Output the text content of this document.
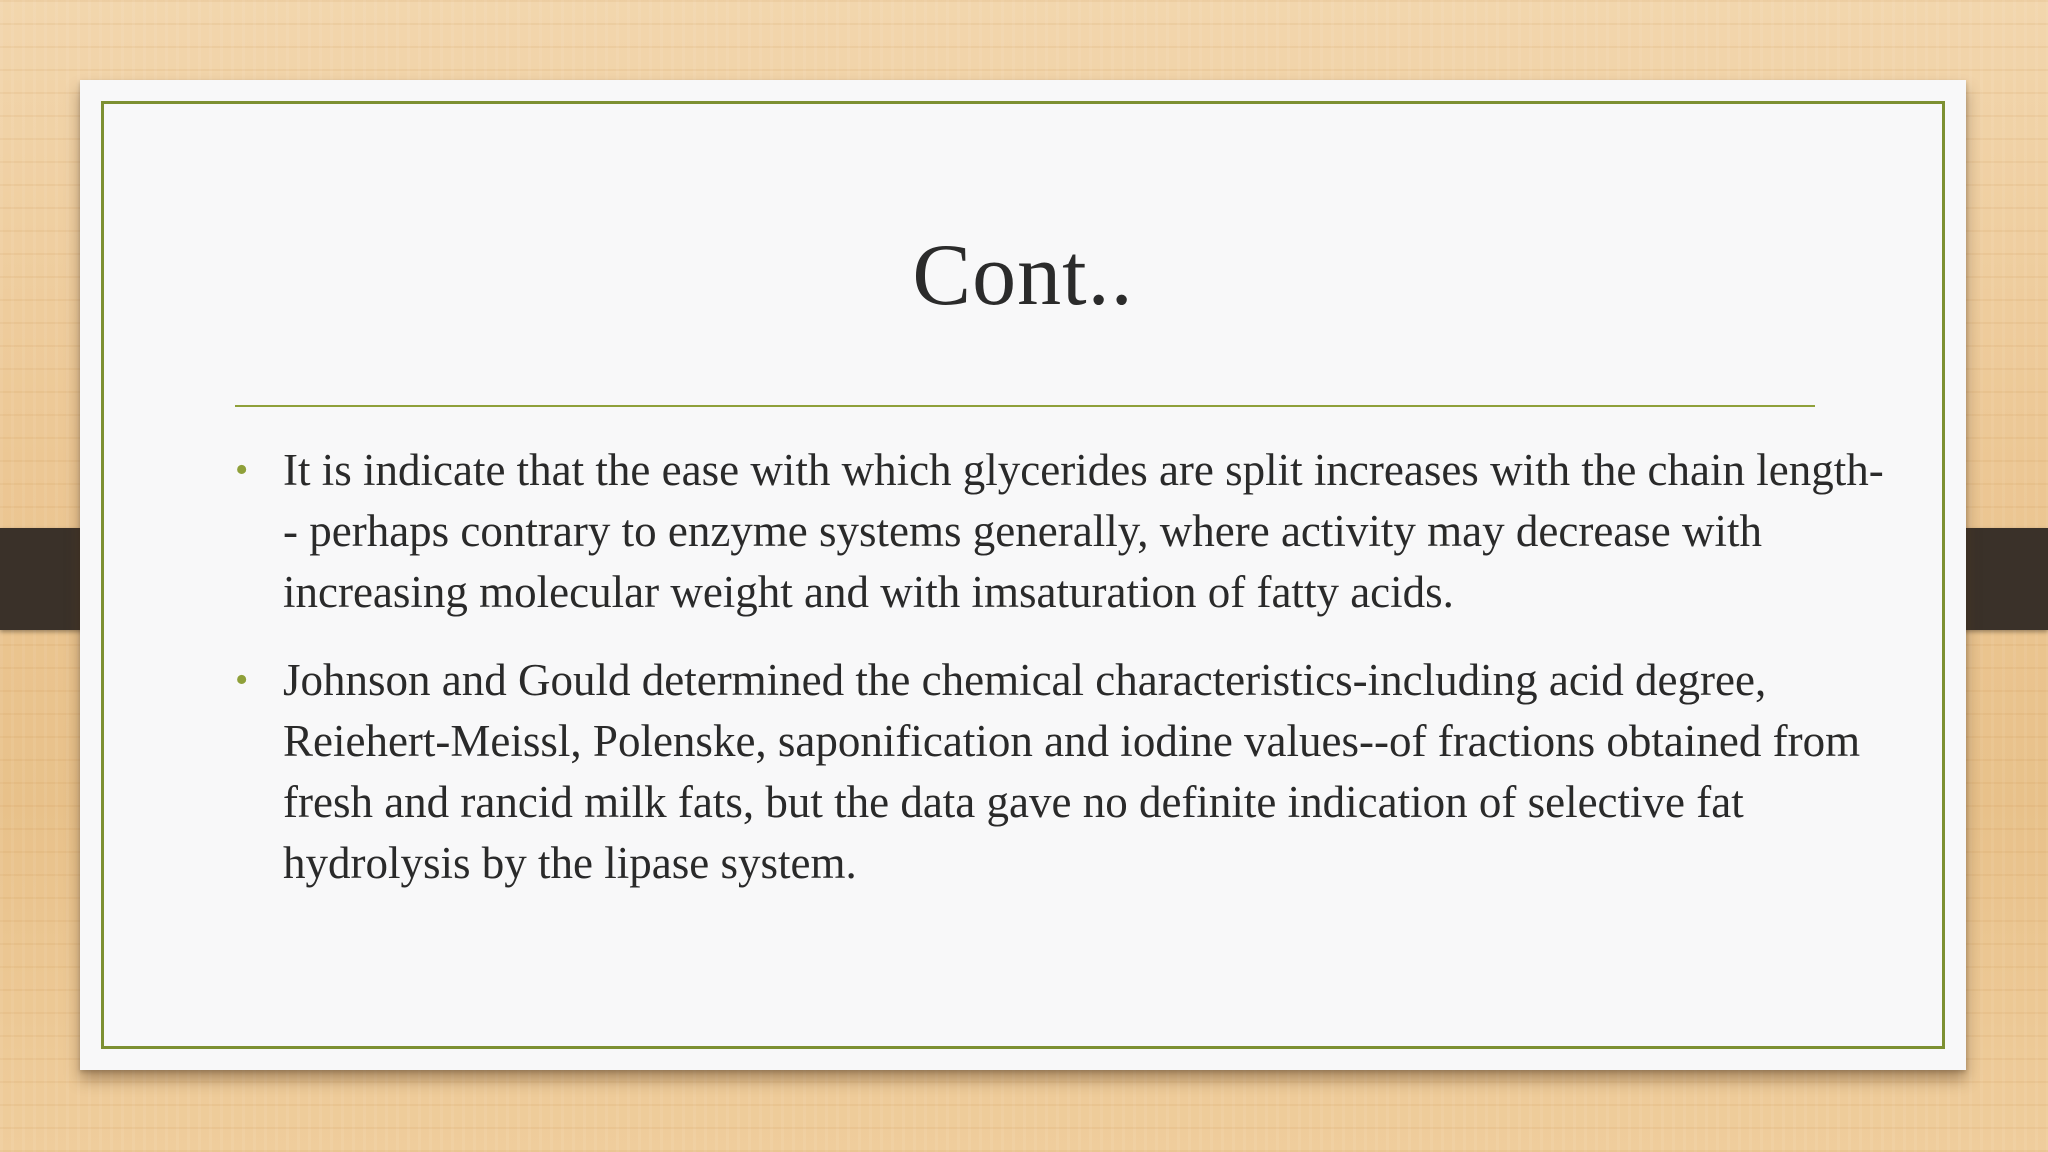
Cont..
• It is indicate that the ease with which glycerides are split increases with the chain length-- perhaps contrary to enzyme systems generally, where activity may decrease with increasing molecular weight and with imsaturation of fatty acids.
• Johnson and Gould determined the chemical characteristics-including acid degree, Reiehert-Meissl, Polenske, saponification and iodine values--of fractions obtained from fresh and rancid milk fats, but the data gave no definite indication of selective fat hydrolysis by the lipase system.
